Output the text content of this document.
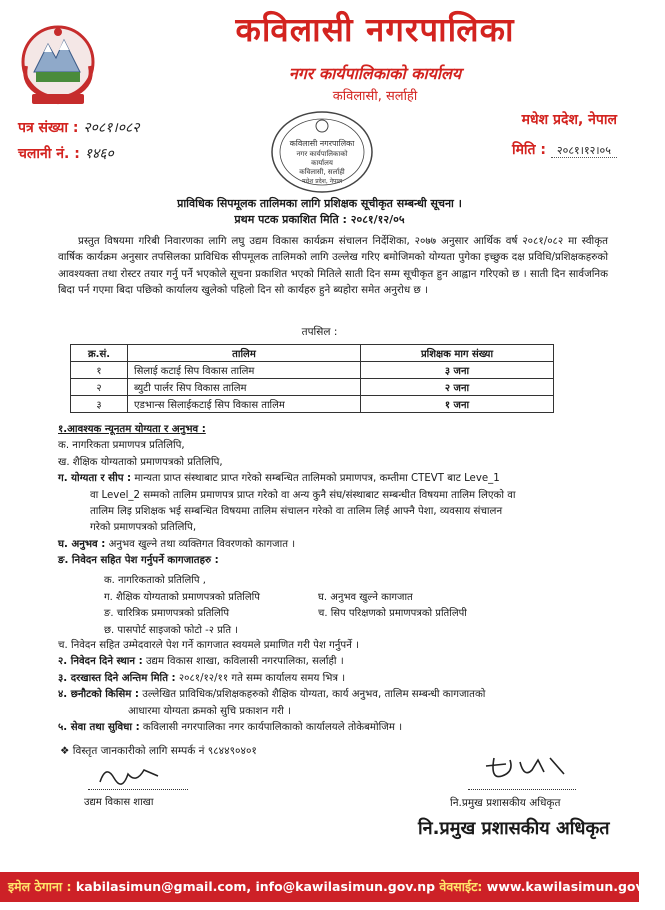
कविलासी नगरपालिका
नगर कार्यपालिकाको कार्यालय
कविलासी, सर्लाही
पत्र संख्या : २०८१।०८२
चलानी नं. : १४६०
मधेश प्रदेश, नेपाल
मिति : २०८१।१२।०५
कविलासी नगरपालिका
नगर कार्यपालिकाको
कार्यालय
कविलासी, सर्लाही
मधेश प्रदेश, नेपाल
प्राविधिक सिपमूलक तालिमका लागि प्रशिक्षक सूचीकृत सम्बन्धी सूचना ।
प्रथम पटक प्रकाशित मिति : २०८१/१२/०५
प्रस्तुत विषयमा गरिबी निवारणका लागि लघु उद्यम विकास कार्यक्रम संचालन निर्देशिका, २०७७ अनुसार आर्थिक वर्ष २०८१/०८२ मा स्वीकृत वार्षिक कार्यक्रम अनुसार तपसिलका प्राविधिक सीपमूलक तालिमको लागि उल्लेख गरिए बमोजिमको योग्यता पुगेका इच्छुक दक्ष प्रविधि/प्रशिक्षकहरुको आवश्यक्ता तथा रोस्टर तयार गर्नु पर्ने भएकोले सूचना प्रकाशित भएको मितिले साती दिन सम्म सूचीकृत हुन आह्वान गरिएको छ । साती दिन सार्वजनिक बिदा पर्न गएमा बिदा पछिको कार्यालय खुलेको पहिलो दिन सो कार्यहरु हुने ब्यहोरा समेत अनुरोध छ ।
तपसिल :
क्र.सं.	तालिम	प्रशिक्षक माग संख्या
१	सिलाई कटाई सिप विकास तालिम	३ जना
२	ब्युटी पार्लर सिप विकास तालिम	२ जना
३	एडभान्स सिलाईकटाई सिप विकास तालिम	१ जना
१.आवश्यक न्यूनतम योग्यता र अनुभव :
क. नागरिकता प्रमाणपत्र प्रतिलिपि,
ख. शैक्षिक योग्यताको प्रमाणपत्रको प्रतिलिपि,
ग. योग्यता र सीप : मान्यता प्राप्त संस्थाबाट प्राप्त गरेको सम्बन्धित तालिमको प्रमाणपत्र, कम्तीमा CTEVT बाट Leve_1
वा Level_2 सम्मको तालिम प्रमाणपत्र प्राप्त गरेको वा अन्य कुनै संघ/संस्थाबाट सम्बन्धीत विषयमा तालिम लिएको वा
तालिम लिइ प्रशिक्षक भई सम्बन्धित विषयमा तालिम संचालन गरेको वा तालिम लिई आफ्नै पेशा, व्यवसाय संचालन
गरेको प्रमाणपत्रको प्रतिलिपि,
घ. अनुभव : अनुभव खुल्ने तथा व्यक्तिगत विवरणको कागजात ।
ङ. निवेदन सहित पेश गर्नुपर्ने कागजातहरु :
क. नागरिकताको प्रतिलिपि ,
ग. शैक्षिक योग्यताको प्रमाणपत्रको प्रतिलिपि	घ. अनुभव खुल्ने कागजात
ङ. चारित्रिक प्रमाणपत्रको प्रतिलिपि	च. सिप परिक्षणको प्रमाणपत्रको प्रतिलिपी
छ. पासपोर्ट साइजको फोटो -२ प्रति ।
च. निवेदन सहित उम्मेदवारले पेश गर्ने कागजात स्वयमले प्रमाणित गरी पेश गर्नुपर्ने ।
२. निवेदन दिने स्थान : उद्यम विकास शाखा, कविलासी नगरपालिका, सर्लाही ।
३. दरखास्त दिने अन्तिम मिति : २०८१/१२/११ गते सम्म कार्यालय समय भित्र ।
४. छनौटको किसिम : उल्लेखित प्राविधिक/प्रशिक्षकहरुको शैक्षिक योग्यता, कार्य अनुभव, तालिम सम्बन्धी कागजातको
आधारमा योग्यता क्रमको सुचि प्रकाशन गरी ।
५. सेवा तथा सुविधा : कविलासी नगरपालिका नगर कार्यपालिकाको कार्यालयले तोकेबमोजिम ।
❖ विस्तृत जानकारीको लागि सम्पर्क नं ९८४४९०४०१
उद्यम विकास शाखा	नि.प्रमुख प्रशासकीय अधिकृत
नि.प्रमुख प्रशासकीय अधिकृत
इमेल ठेगाना : kabilasimun@gmail.com, info@kawilasimun.gov.np वेवसाईट: www.kawilasimun.gov.np
